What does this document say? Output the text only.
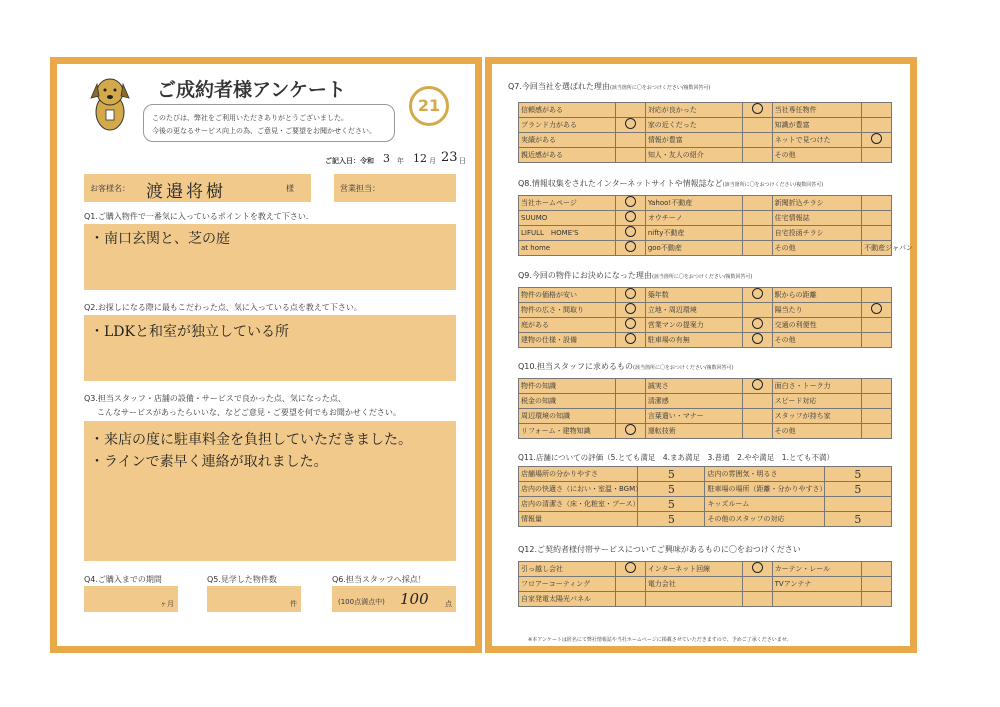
ご成約者様アンケート
このたびは、弊社をご利用いただきありがとうございました。
今後の更なるサービス向上の為、ご意見・ご要望をお聞かせください。
21
ご記入日：令和 3 年 12 月 23 日
お客様名： 渡邉将樹	様	営業担当：
Q1.ご購入物件で一番気に入っているポイントを教えて下さい.
・南口玄関と、芝の庭
Q2.お探しになる際に最もこだわった点、気に入っている点を教えて下さい。
・LDKと和室が独立している所
Q3.担当スタッフ・店舗の設備・サービスで良かった点、気になった点、
こんなサービスがあったらいいな、などご意見・ご要望を何でもお聞かせください。
・来店の度に駐車料金を負担していただきました。
・ラインで素早く連絡が取れました。
Q4.ご購入までの期間
ヶ月
Q5.見学した物件数
件
Q6.担当スタッフへ採点！
(100点満点中) 100 点
Q7.今回当社を選ばれた理由(該当箇所に〇をおつけください/複数回答可)
信頼感がある		対応が良かった		当社専任物件	
ブランド力がある		家の近くだった		知識が豊富	
実績がある		情報が豊富		ネットで見つけた	
親近感がある		知人・友人の紹介		その他	
Q8.情報収集をされたインターネットサイトや情報誌など(該当箇所に〇をおつけください/複数回答可)
当社ホームページ		Yahoo!不動産		新聞折込チラシ	
SUUMO		オウチーノ		住宅情報誌	
LIFULL　HOME'S		nifty不動産		自宅投函チラシ	
at home		goo不動産		その他	不動産ジャパン
Q9.今回の物件にお決めになった理由(該当箇所に〇をおつけください/複数回答可)
物件の価格が安い		築年数		駅からの距離	
物件の広さ・間取り		立地・周辺環境		陽当たり	
庭がある		営業マンの提案力		交通の利便性	
建物の仕様・設備		駐車場の有無		その他	
Q10.担当スタッフに求めるもの(該当箇所に〇をおつけください/複数回答可)
物件の知識		誠実さ		面白さ・トーク力	
税金の知識		清潔感		スピード対応	
周辺環境の知識		言葉遣い・マナー		スタッフが持ち家	
リフォーム・建物知識		運転技術		その他	
Q11.店舗についての評価（5.とても満足　4.まあ満足　3.普通　2.やや満足　1.とても不満）
店舗場所の分かりやすさ	5	店内の雰囲気・明るさ	5
店内の快適さ（におい・室温・BGM）	5	駐車場の場所（距離・分かりやすさ）	5
店内の清潔さ（床・化粧室・ブース）	5	キッズルーム	
情報量	5	その他のスタッフの対応	5
Q12.ご契約者様付帯サービスについてご興味があるものに〇をおつけください
引っ越し会社		インターネット回線		カーテン・レール	
フロアーコーティング		電力会社		TVアンテナ	
自家発電太陽光パネル					
※本アンケートは匿名にて弊社情報誌や当社ホームページに掲載させていただきますので、予めご了承くださいませ。
